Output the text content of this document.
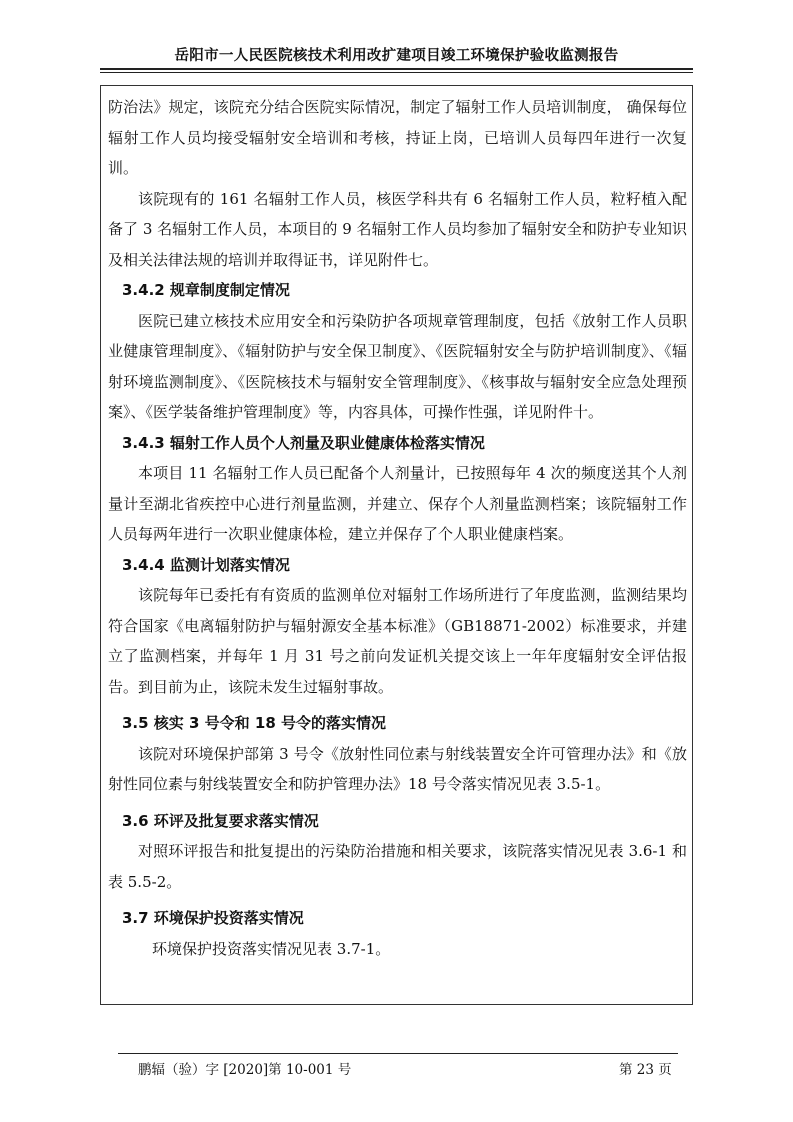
岳阳市一人民医院核技术利用改扩建项目竣工环境保护验收监测报告

防治法》规定，该院充分结合医院实际情况，制定了辐射工作人员培训制度， 确保每位辐射工作人员均接受辐射安全培训和考核，持证上岗，已培训人员每四年进行一次复训。

该院现有的 161 名辐射工作人员，核医学科共有 6 名辐射工作人员，粒籽植入配备了 3 名辐射工作人员，本项目的 9 名辐射工作人员均参加了辐射安全和防护专业知识及相关法律法规的培训并取得证书，详见附件七。

3.4.2 规章制度制定情况

医院已建立核技术应用安全和污染防护各项规章管理制度，包括《放射工作人员职业健康管理制度》、《辐射防护与安全保卫制度》、《医院辐射安全与防护培训制度》、《辐射环境监测制度》、《医院核技术与辐射安全管理制度》、《核事故与辐射安全应急处理预案》、《医学装备维护管理制度》等，内容具体，可操作性强，详见附件十。

3.4.3 辐射工作人员个人剂量及职业健康体检落实情况

本项目 11 名辐射工作人员已配备个人剂量计，已按照每年 4 次的频度送其个人剂量计至湖北省疾控中心进行剂量监测，并建立、保存个人剂量监测档案；该院辐射工作人员每两年进行一次职业健康体检，建立并保存了个人职业健康档案。

3.4.4 监测计划落实情况

该院每年已委托有有资质的监测单位对辐射工作场所进行了年度监测，监测结果均符合国家《电离辐射防护与辐射源安全基本标准》（GB18871-2002）标准要求，并建立了监测档案，并每年 1 月 31 号之前向发证机关提交该上一年年度辐射安全评估报告。到目前为止，该院未发生过辐射事故。

3.5 核实 3 号令和 18 号令的落实情况

该院对环境保护部第 3 号令《放射性同位素与射线装置安全许可管理办法》和《放射性同位素与射线装置安全和防护管理办法》18 号令落实情况见表 3.5-1。

3.6 环评及批复要求落实情况

对照环评报告和批复提出的污染防治措施和相关要求，该院落实情况见表 3.6-1 和表 5.5-2。

3.7 环境保护投资落实情况

环境保护投资落实情况见表 3.7-1。

鹏辐（验）字 [2020]第 10-001 号	第 23 页
